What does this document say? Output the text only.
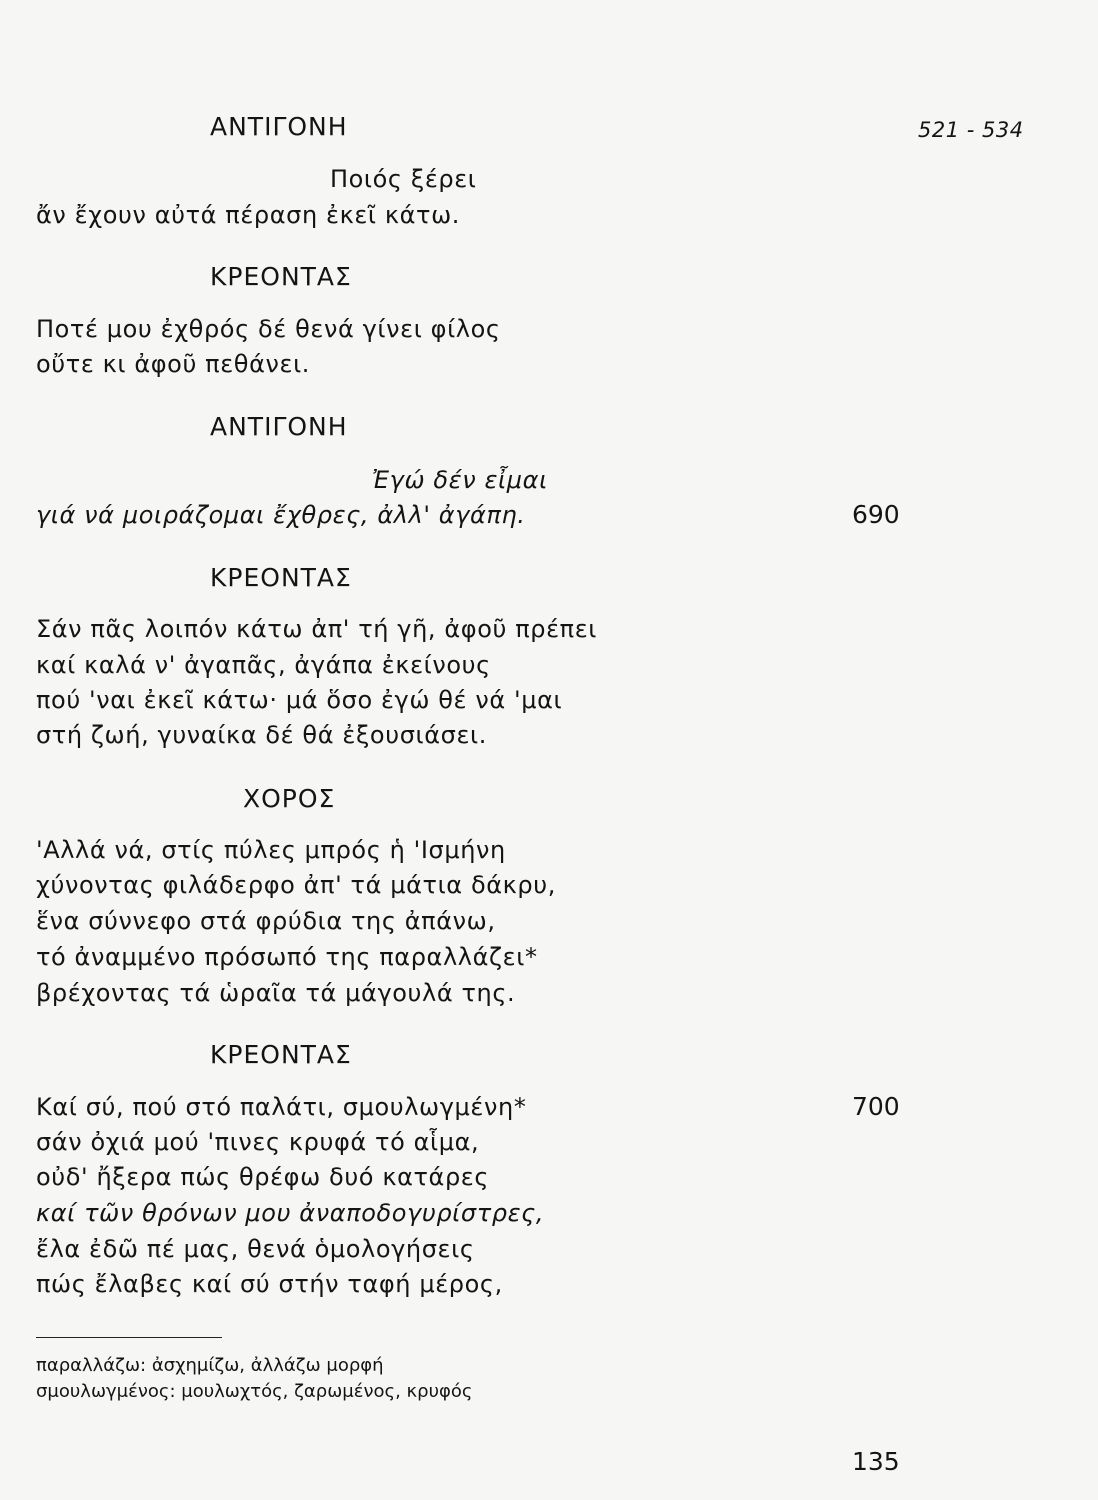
521 - 534
ΑΝΤΙΓΟΝΗ
Ποιός ξέρει
ἄν ἔχουν αὐτά πέραση ἐκεῖ κάτω.
ΚΡΕΟΝΤΑΣ
Ποτέ μου ἐχθρός δέ θενά γίνει φίλος
οὔτε κι ἀφοῦ πεθάνει.
ΑΝΤΙΓΟΝΗ
Ἐγώ δέν εἶμαι
γιά νά μοιράζομαι ἔχθρες, ἀλλ' ἀγάπη.	690
ΚΡΕΟΝΤΑΣ
Σάν πᾶς λοιπόν κάτω ἀπ' τή γῆ, ἀφοῦ πρέπει
καί καλά ν' ἀγαπᾶς, ἀγάπα ἐκείνους
πού 'ναι ἐκεῖ κάτω· μά ὅσο ἐγώ θέ νά 'μαι
στή ζωή, γυναίκα δέ θά ἐξουσιάσει.
ΧΟΡΟΣ
'Αλλά νά, στίς πύλες μπρός ἡ 'Ισμήνη
χύνοντας φιλάδερφο ἀπ' τά μάτια δάκρυ,
ἕνα σύννεφο στά φρύδια της ἀπάνω,
τό ἀναμμένο πρόσωπό της παραλλάζει*
βρέχοντας τά ὡραῖα τά μάγουλά της.
ΚΡΕΟΝΤΑΣ
Καί σύ, πού στό παλάτι, σμουλωγμένη*	700
σάν ὀχιά μού 'πινες κρυφά τό αἷμα,
οὐδ' ἤξερα πώς θρέφω δυό κατάρες
καί τῶν θρόνων μου ἀναποδογυρίστρες,
ἔλα ἐδῶ πέ μας, θενά ὁμολογήσεις
πώς ἔλαβες καί σύ στήν ταφή μέρος,
παραλλάζω: ἀσχημίζω, ἀλλάζω μορφή
σμουλωγμένος: μουλωχτός, ζαρωμένος, κρυφός
135
